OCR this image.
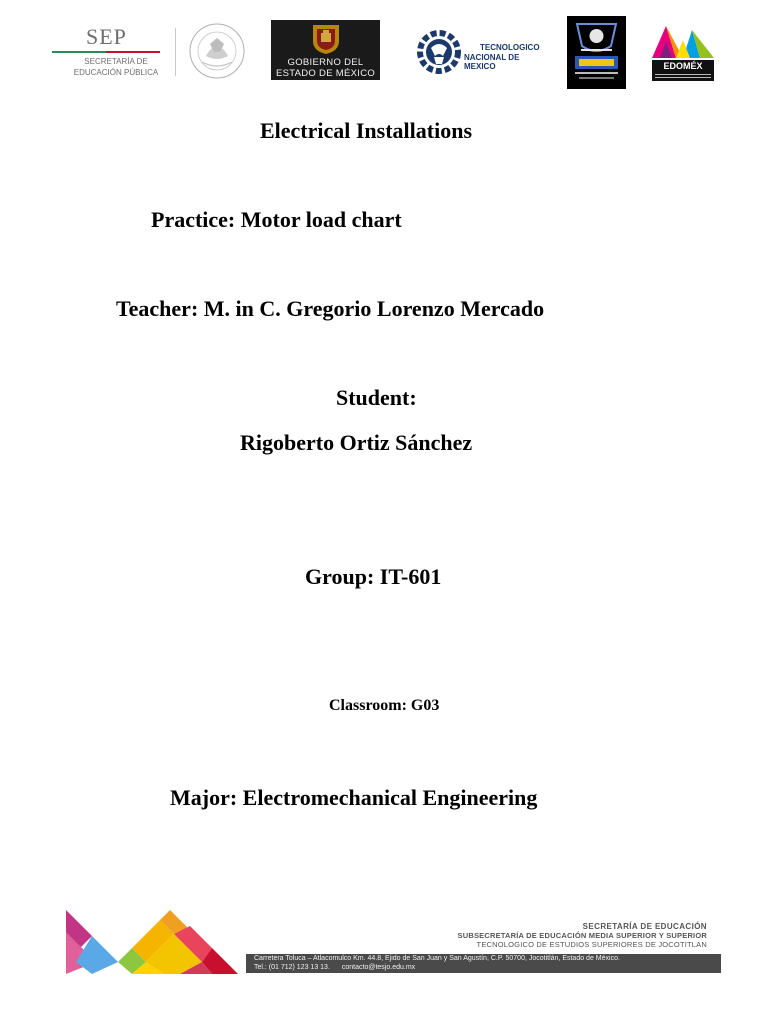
SEP
SECRETARÍA DE
EDUCACIÓN PÚBLICA
GOBIERNO DEL
ESTADO DE MÉXICO
TECNOLOGICO
NACIONAL DE MEXICO	EDOMÉX
Electrical Installations
Practice: Motor load chart
Teacher: M. in C. Gregorio Lorenzo Mercado
Student:
Rigoberto Ortiz Sánchez
Group: IT-601
Classroom: G03
Major: Electromechanical Engineering
SECRETARÍA DE EDUCACIÓN
SUBSECRETARÍA DE EDUCACIÓN MEDIA SUPERIOR Y SUPERIOR
TECNOLOGICO DE ESTUDIOS SUPERIORES DE JOCOTITLAN
Carretera Toluca – Atlacomulco Km. 44.8, Ejido de San Juan y San Agustín, C.P. 50700, Jocotitlán, Estado de México.
Tel.: (01 712) 123 13 13. contacto@tesjo.edu.mx
